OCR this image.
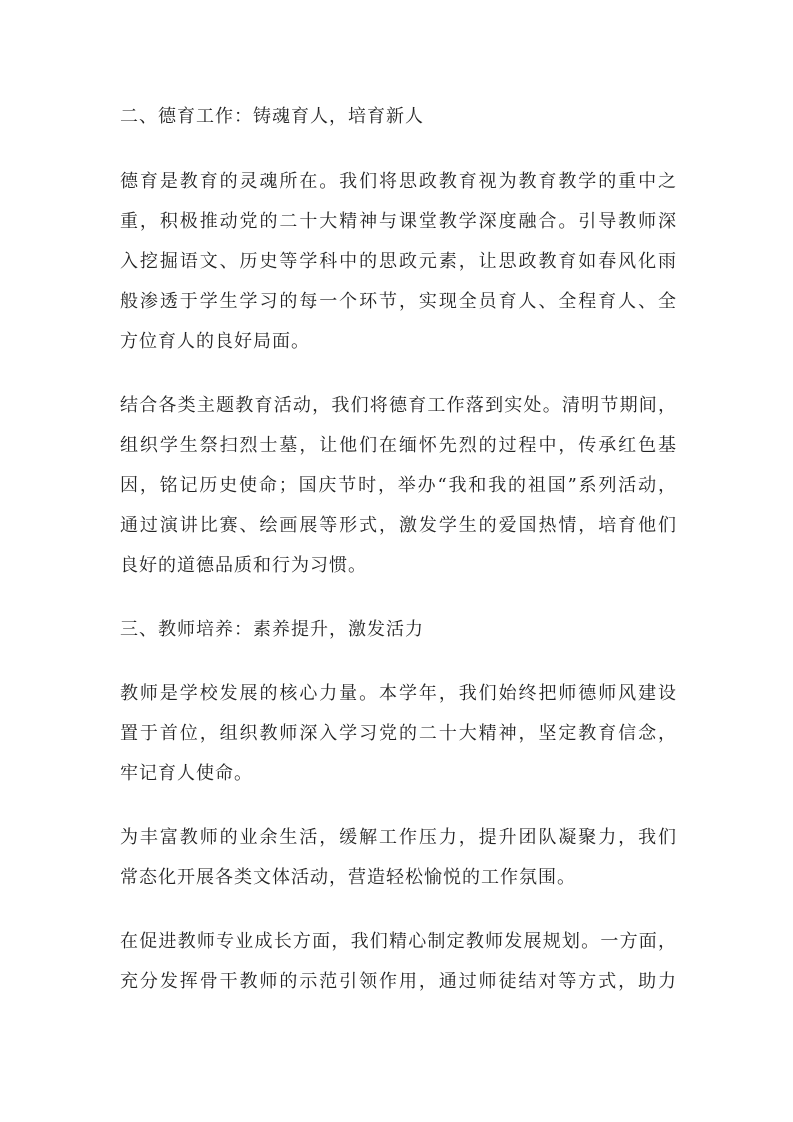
二、德育工作：铸魂育人，培育新人
德育是教育的灵魂所在。我们将思政教育视为教育教学的重中之
重，积极推动党的二十大精神与课堂教学深度融合。引导教师深
入挖掘语文、历史等学科中的思政元素，让思政教育如春风化雨
般渗透于学生学习的每一个环节，实现全员育人、全程育人、全
方位育人的良好局面。
结合各类主题教育活动，我们将德育工作落到实处。清明节期间，
组织学生祭扫烈士墓，让他们在缅怀先烈的过程中，传承红色基
因，铭记历史使命；国庆节时，举办“我和我的祖国”系列活动，
通过演讲比赛、绘画展等形式，激发学生的爱国热情，培育他们
良好的道德品质和行为习惯。
三、教师培养：素养提升，激发活力
教师是学校发展的核心力量。本学年，我们始终把师德师风建设
置于首位，组织教师深入学习党的二十大精神，坚定教育信念，
牢记育人使命。
为丰富教师的业余生活，缓解工作压力，提升团队凝聚力，我们
常态化开展各类文体活动，营造轻松愉悦的工作氛围。
在促进教师专业成长方面，我们精心制定教师发展规划。一方面，
充分发挥骨干教师的示范引领作用，通过师徒结对等方式，助力
